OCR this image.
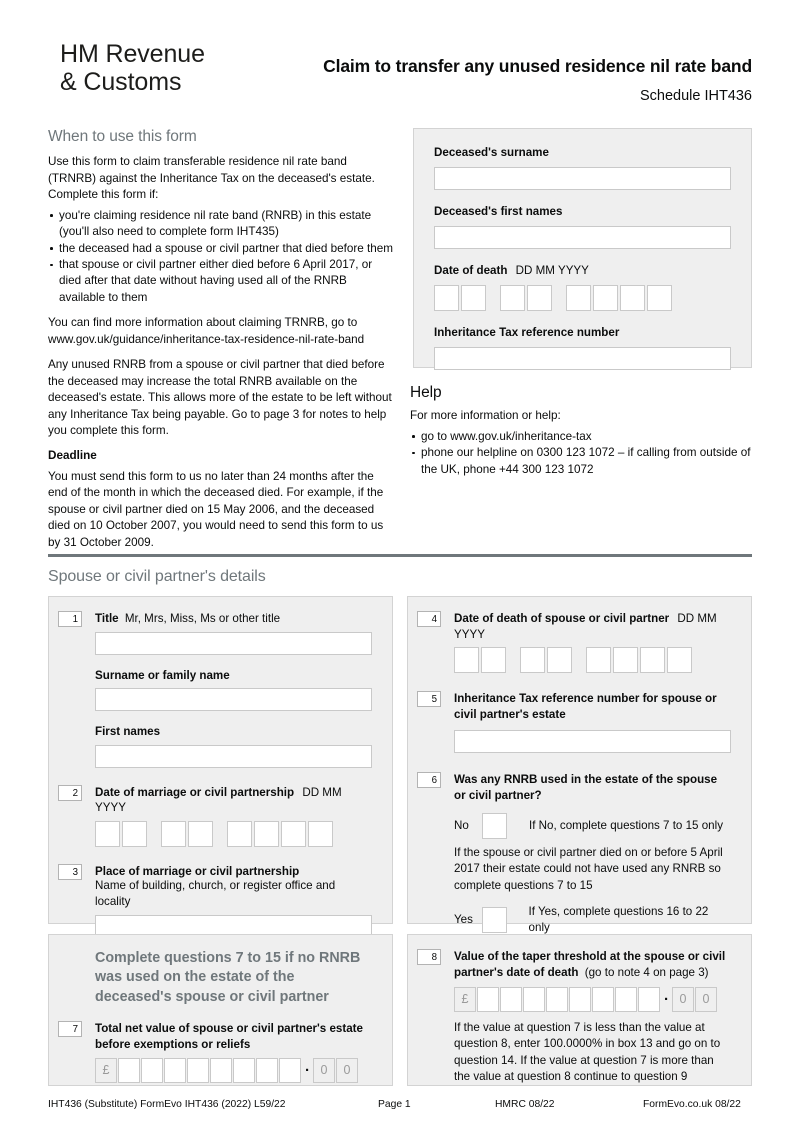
HM Revenue
& Customs
Claim to transfer any unused residence nil rate band
Schedule IHT436
When to use this form

Use this form to claim transferable residence nil rate band (TRNRB) against the Inheritance Tax on the deceased's estate. Complete this form if:

you're claiming residence nil rate band (RNRB) in this estate (you'll also need to complete form IHT435)
the deceased had a spouse or civil partner that died before them
that spouse or civil partner either died before 6 April 2017, or died after that date without having used all of the RNRB available to them

You can find more information about claiming TRNRB, go to www.gov.uk/guidance/inheritance-tax-residence-nil-rate-band

Any unused RNRB from a spouse or civil partner that died before the deceased may increase the total RNRB available on the deceased's estate. This allows more of the estate to be left without any Inheritance Tax being payable. Go to page 3 for notes to help you complete this form.

Deadline

You must send this form to us no later than 24 months after the end of the month in which the deceased died. For example, if the spouse or civil partner died on 15 May 2006, and the deceased died on 10 October 2007, you would need to send this form to us by 31 October 2009.

Deceased's surname
Deceased's first names
Date of death DD MM YYYY
Inheritance Tax reference number
Help

For more information or help:

go to www.gov.uk/inheritance-tax
phone our helpline on 0300 123 1072 – if calling from outside of the UK, phone +44 300 123 1072
Spouse or civil partner's details
1	Title Mr, Mrs, Miss, Ms or other title
Surname or family name
First names
2	Date of marriage or civil partnership DD MM YYYY
3	Place of marriage or civil partnership
Name of building, church, or register office and locality
4	Date of death of spouse or civil partner DD MM YYYY
5	Inheritance Tax reference number for spouse or civil partner's estate
6	Was any RNRB used in the estate of the spouse or civil partner?
No	If No, complete questions 7 to 15 only
If the spouse or civil partner died on or before 5 April 2017 their estate could not have used any RNRB so complete questions 7 to 15
Yes
If Yes, complete questions 16 to 22 only
Complete questions 7 to 15 if no RNRB was used on the estate of the deceased's spouse or civil partner
7	Total net value of spouse or civil partner's estate before exemptions or reliefs
£	· 0	0
8	Value of the taper threshold at the spouse or civil partner's date of death (go to note 4 on page 3)
£	· 0	0
If the value at question 7 is less than the value at question 8, enter 100.0000% in box 13 and go on to question 14. If the value at question 7 is more than the value at question 8 continue to question 9
IHT436 (Substitute) FormEvo IHT436 (2022) L59/22	Page 1	HMRC 08/22	FormEvo.co.uk 08/22
